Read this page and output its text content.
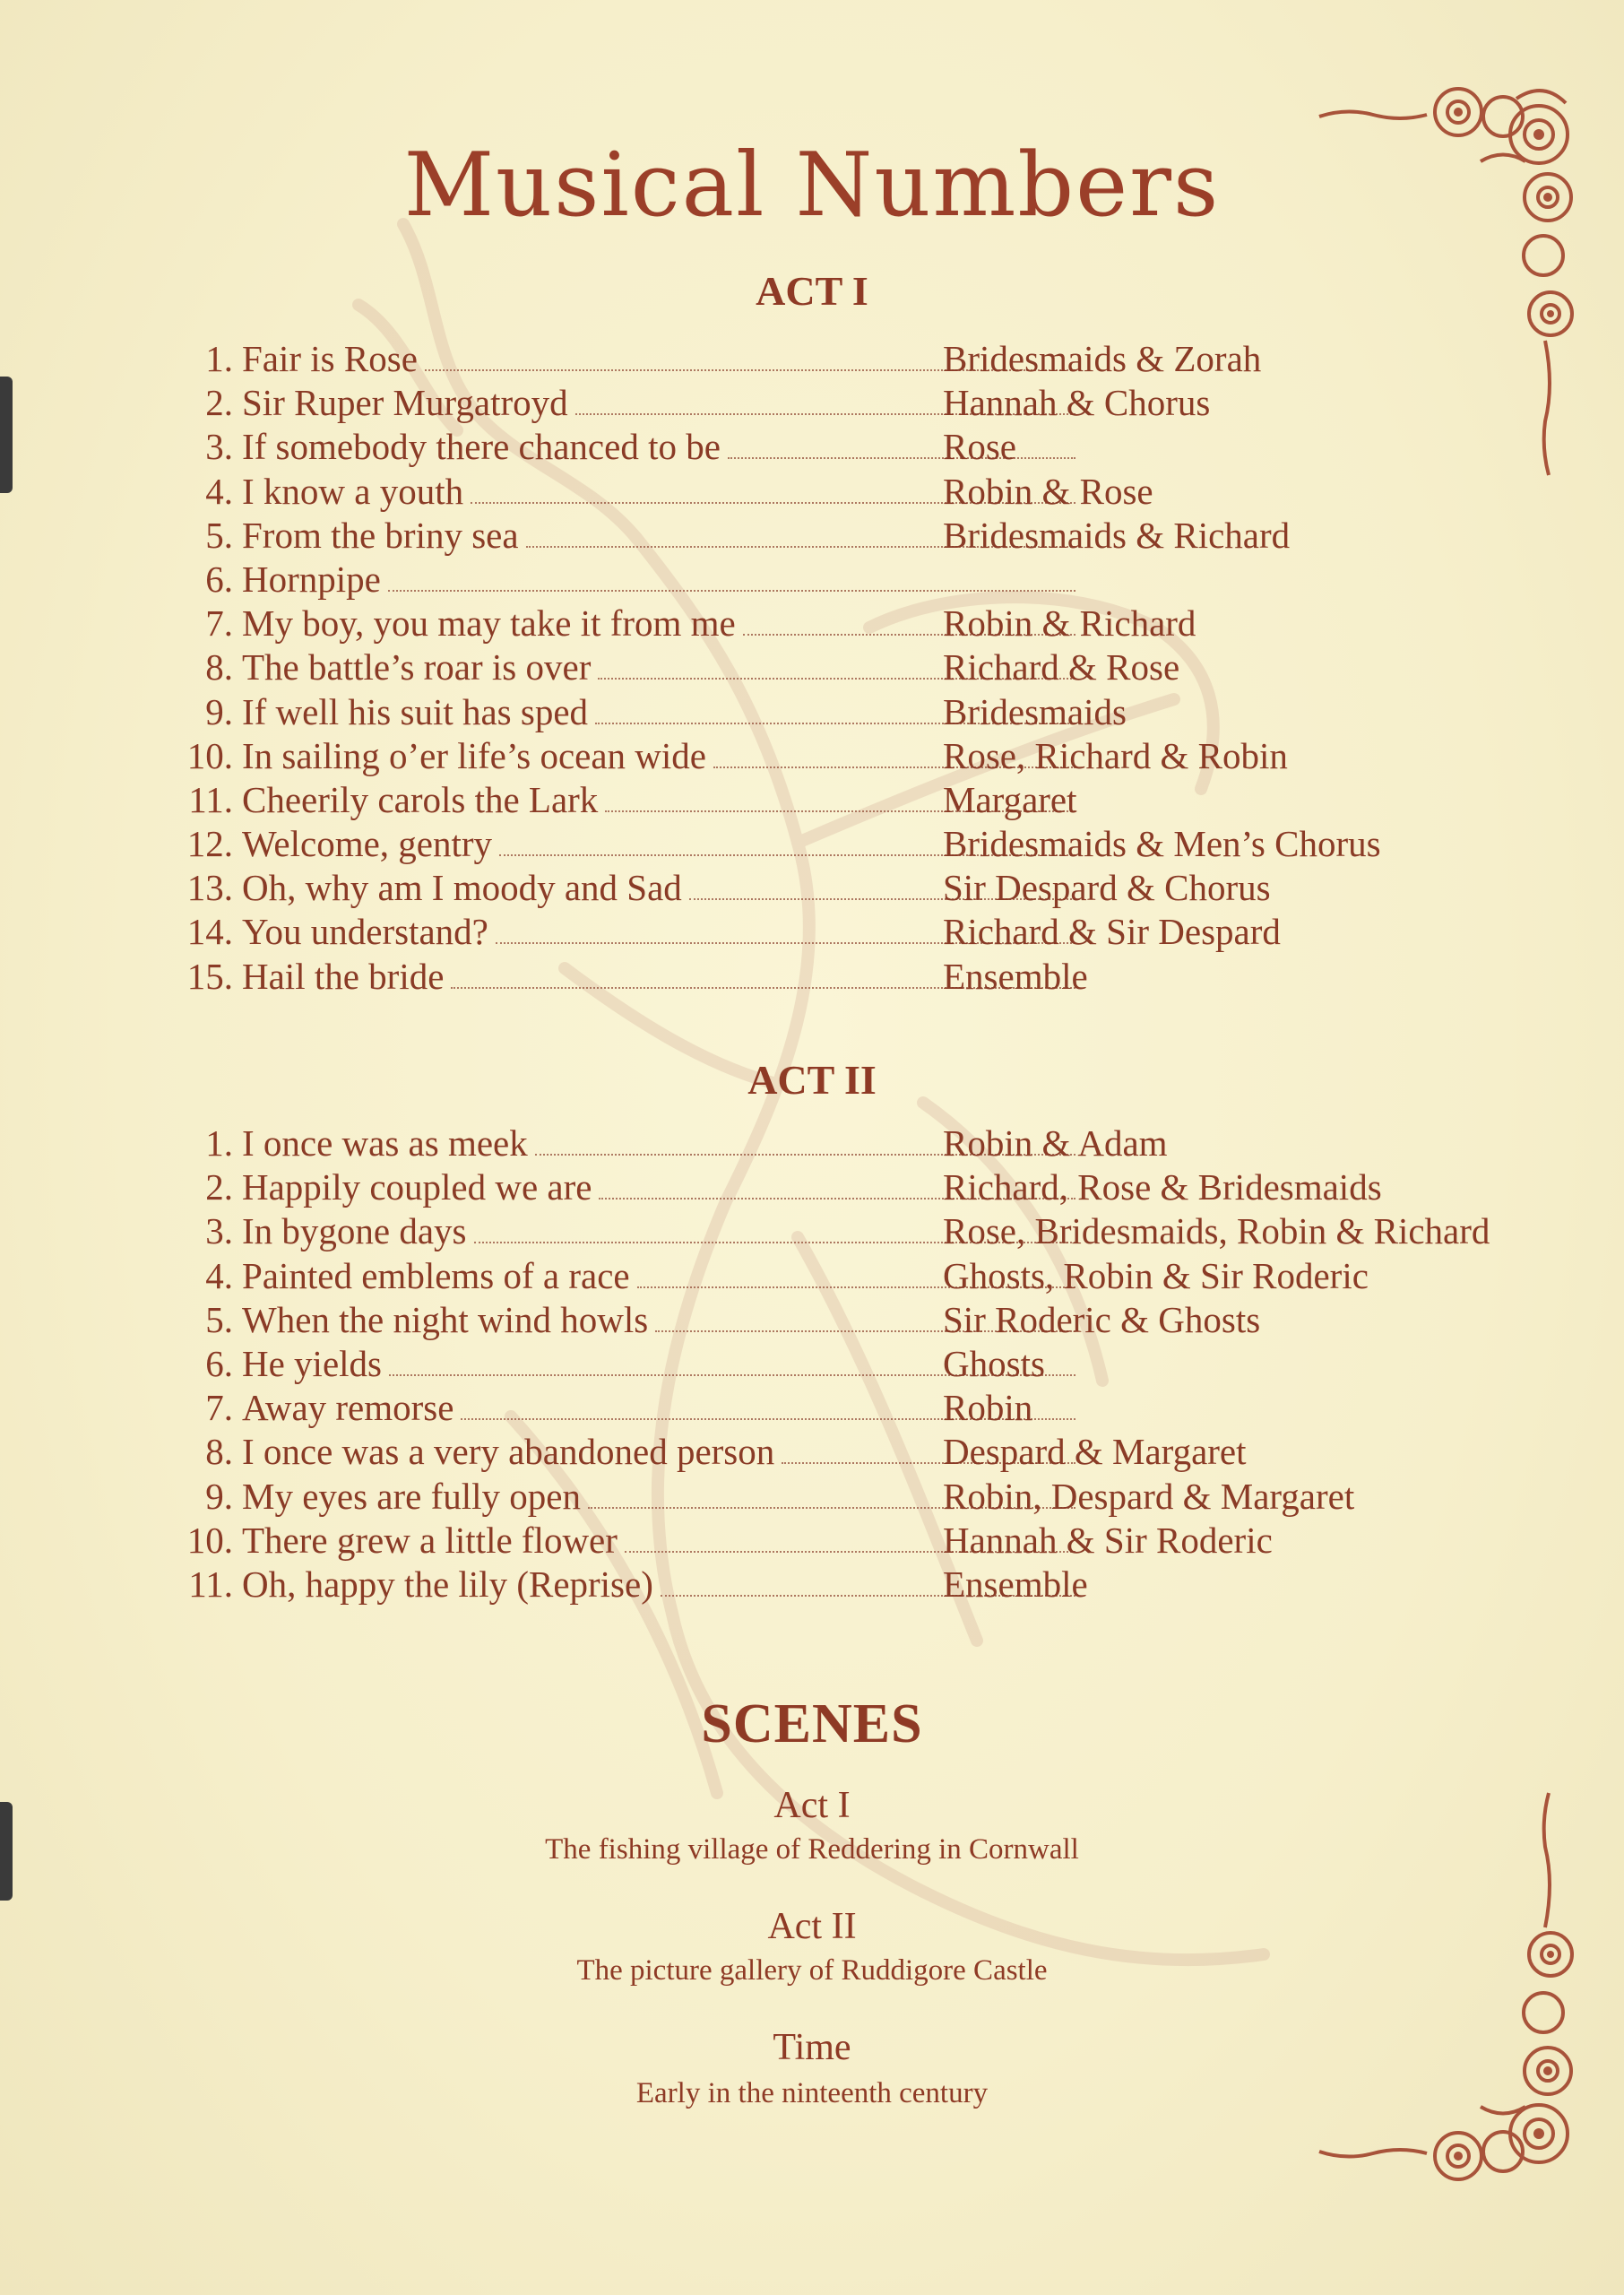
Musical Numbers
ACT I
1. Fair is Rose	Bridesmaids & Zorah
2. Sir Ruper Murgatroyd	Hannah & Chorus
3. If somebody there chanced to be	Rose
4. I know a youth	Robin & Rose
5. From the briny sea	Bridesmaids & Richard
6. Hornpipe
7. My boy, you may take it from me	Robin & Richard
8. The battle’s roar is over	Richard & Rose
9. If well his suit has sped	Bridesmaids
10. In sailing o’er life’s ocean wide	Rose, Richard & Robin
11. Cheerily carols the Lark	Margaret
12. Welcome, gentry	Bridesmaids & Men’s Chorus
13. Oh, why am I moody and Sad	Sir Despard & Chorus
14. You understand?	Richard & Sir Despard
15. Hail the bride	Ensemble
ACT II
1. I once was as meek	Robin & Adam
2. Happily coupled we are	Richard, Rose & Bridesmaids
3. In bygone days	Rose, Bridesmaids, Robin & Richard
4. Painted emblems of a race	Ghosts, Robin & Sir Roderic
5. When the night wind howls	Sir Roderic & Ghosts
6. He yields	Ghosts
7. Away remorse	Robin
8. I once was a very abandoned person	Despard & Margaret
9. My eyes are fully open	Robin, Despard & Margaret
10. There grew a little flower	Hannah & Sir Roderic
11. Oh, happy the lily (Reprise)	Ensemble
SCENES
Act I
The fishing village of Reddering in Cornwall
Act II
The picture gallery of Ruddigore Castle
Time
Early in the ninteenth century
